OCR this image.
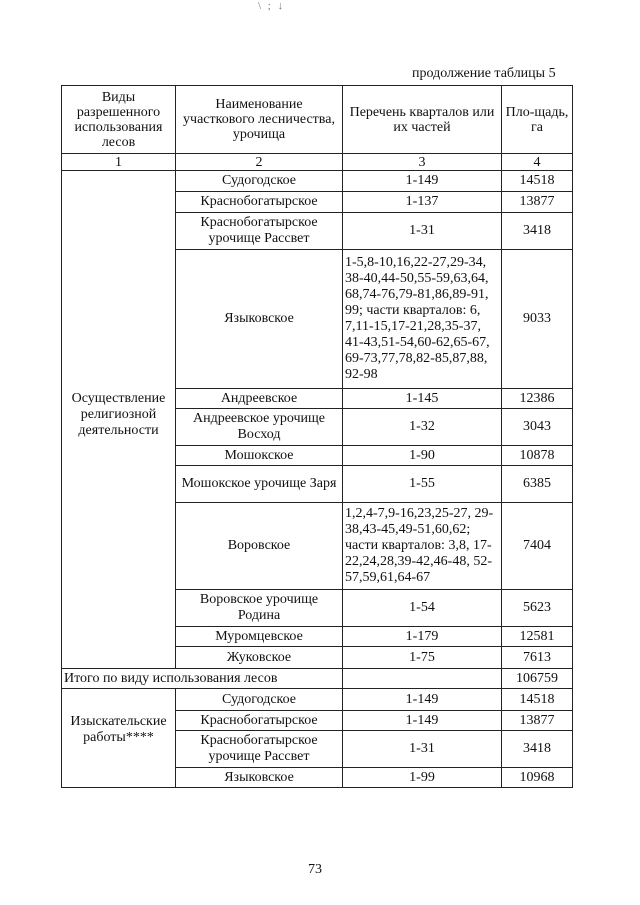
\ ; ↓
продолжение таблицы 5
Виды разрешенного использования лесов	Наименование участкового лесничества, урочища	Перечень кварталов или их частей	Пло-щадь, га
1	2	3	4

Осуществление религиозной деятельности	Судогодское	1-149	14518
	Краснобогатырское	1-137	13877
	Краснобогатырское урочище Рассвет	1-31	3418
	Языковское	1-5,8-10,16,22-27,29-34, 38-40,44-50,55-59,63,64, 68,74-76,79-81,86,89-91, 99; части кварталов: 6, 7,11-15,17-21,28,35-37, 41-43,51-54,60-62,65-67, 69-73,77,78,82-85,87,88, 92-98	9033
	Андреевское	1-145	12386
	Андреевское урочище Восход	1-32	3043
	Мошокское	1-90	10878
	Мошокское урочище Заря	1-55	6385
	Воровское	1,2,4-7,9-16,23,25-27, 29-38,43-45,49-51,60,62; части кварталов: 3,8, 17-22,24,28,39-42,46-48, 52-57,59,61,64-67	7404
	Воровское урочище Родина	1-54	5623
	Муромцевское	1-179	12581
	Жуковское	1-75	7613
Итого по виду использования лесов			106759

Изыскательские работы****	Судогодское	1-149	14518
	Краснобогатырское	1-149	13877
	Краснобогатырское урочище Рассвет	1-31	3418
	Языковское	1-99	10968
73
